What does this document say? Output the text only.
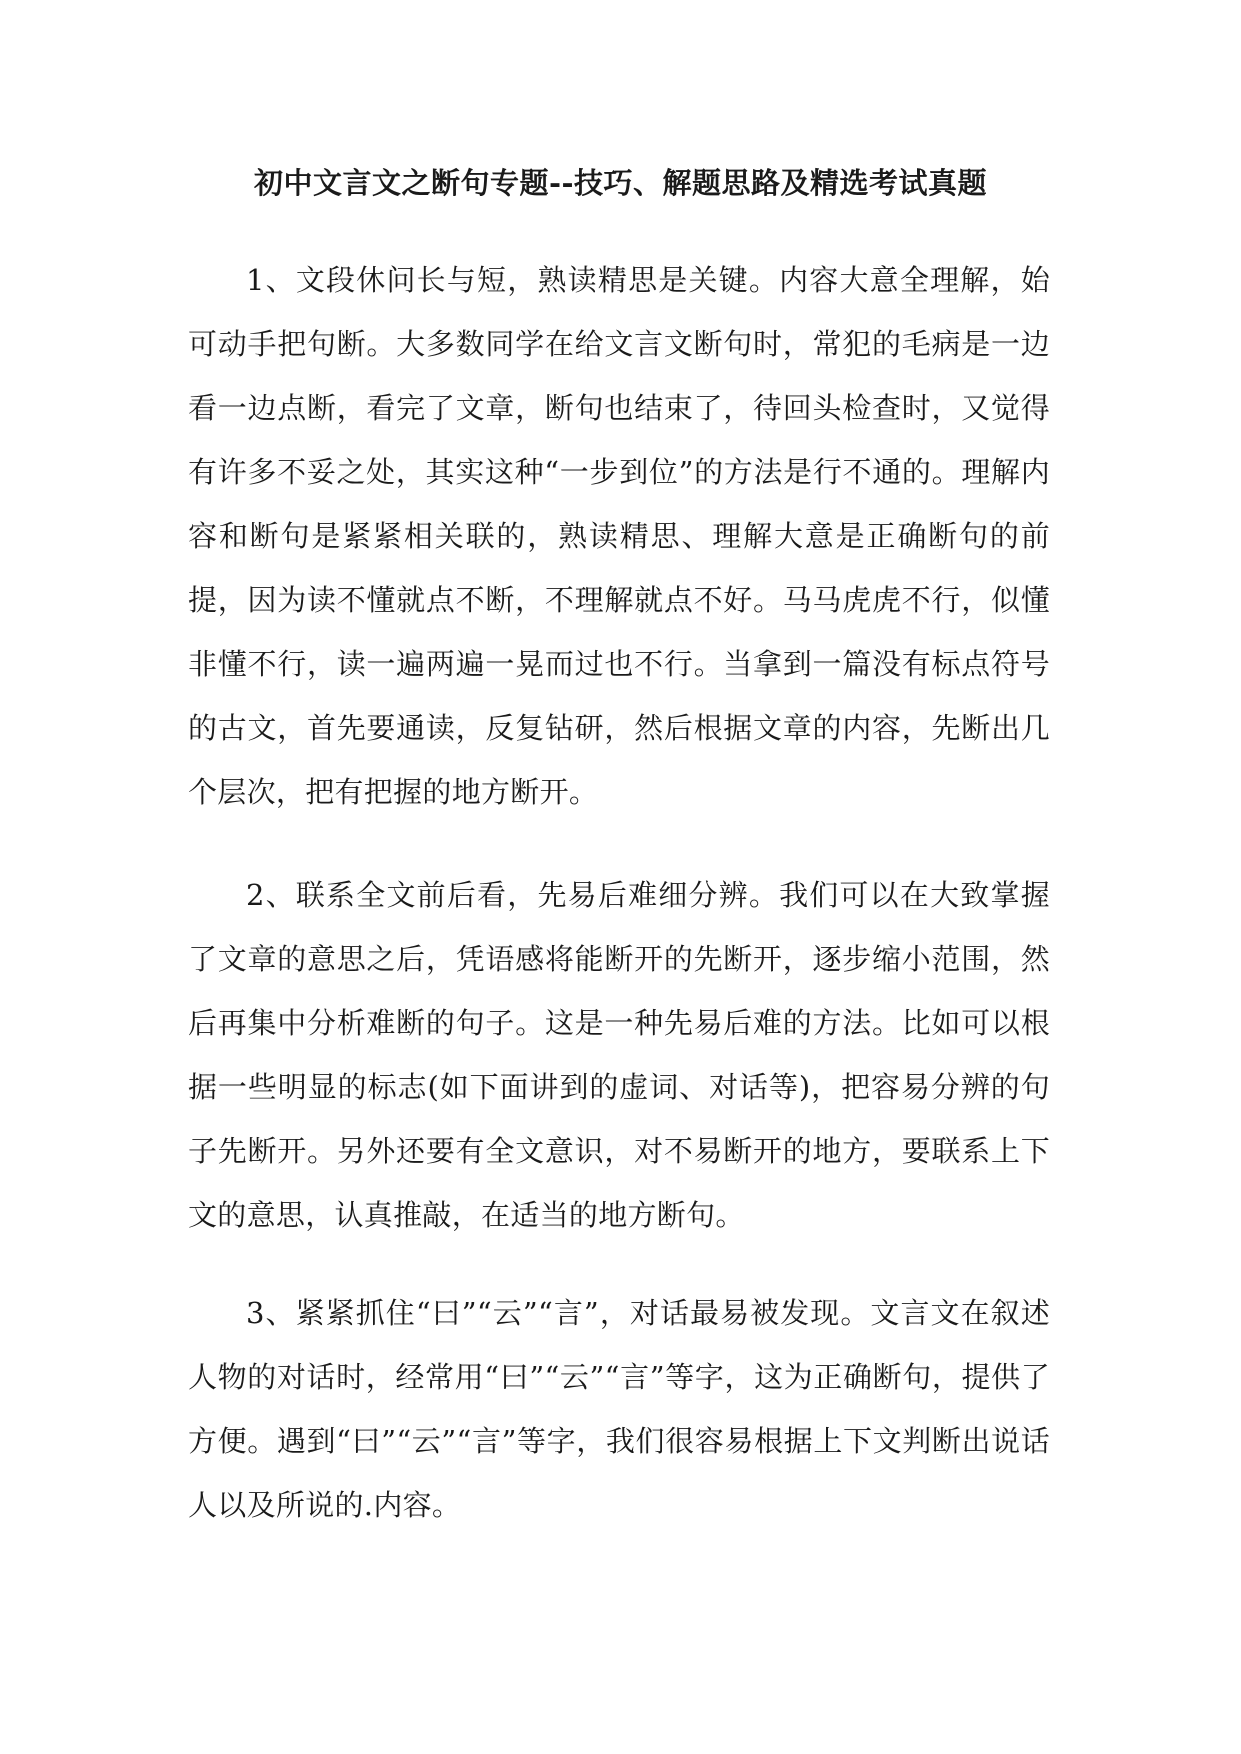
初中文言文之断句专题--技巧、解题思路及精选考试真题

1、文段休问长与短，熟读精思是关键。内容大意全理解，始可动手把句断。大多数同学在给文言文断句时，常犯的毛病是一边看一边点断，看完了文章，断句也结束了，待回头检查时，又觉得有许多不妥之处，其实这种“一步到位”的方法是行不通的。理解内容和断句是紧紧相关联的，熟读精思、理解大意是正确断句的前提，因为读不懂就点不断，不理解就点不好。马马虎虎不行，似懂非懂不行，读一遍两遍一晃而过也不行。当拿到一篇没有标点符号的古文，首先要通读，反复钻研，然后根据文章的内容，先断出几个层次，把有把握的地方断开。

2、联系全文前后看，先易后难细分辨。我们可以在大致掌握了文章的意思之后，凭语感将能断开的先断开，逐步缩小范围，然后再集中分析难断的句子。这是一种先易后难的方法。比如可以根据一些明显的标志(如下面讲到的虚词、对话等)，把容易分辨的句子先断开。另外还要有全文意识，对不易断开的地方，要联系上下文的意思，认真推敲，在适当的地方断句。

3、紧紧抓住“曰”“云”“言”，对话最易被发现。文言文在叙述人物的对话时，经常用“曰”“云”“言”等字，这为正确断句，提供了方便。遇到“曰”“云”“言”等字，我们很容易根据上下文判断出说话人以及所说的.内容。
